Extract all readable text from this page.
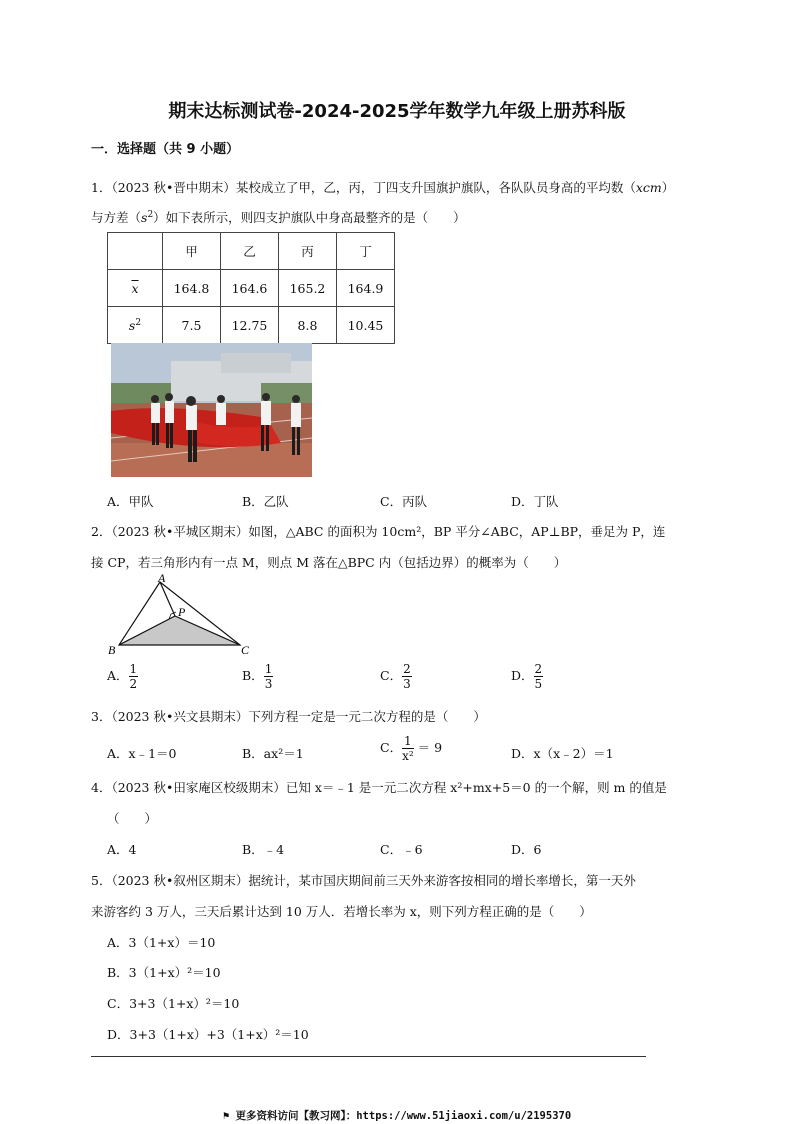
期末达标测试卷-2024-2025学年数学九年级上册苏科版
一．选择题（共 9 小题）
1．（2023 秋•晋中期末）某校成立了甲，乙，丙，丁四支升国旗护旗队，各队队员身高的平均数（xcm）
与方差$(s^2)$如下表所示，则四支护旗队中身高最整齐的是（　　）
	甲	乙	丙	丁
$\overline{x}$	164.8	164.6	165.2	164.9
$s^2$	7.5	12.75	8.8	10.45
A．甲队	B．乙队	C．丙队	D．丁队
2．（2023 秋•平城区期末）如图，△ABC 的面积为 10cm²，BP 平分∠ABC，AP⊥BP，垂足为 P，连
接 CP，若三角形内有一点 M，则点 M 落在△BPC 内（包括边界）的概率为（　　）
A
B	C
P
A． $\frac{1}{2}$	B． $\frac{1}{3}$	C． $\frac{2}{3}$	D． $\frac{2}{5}$
3．（2023 秋•兴文县期末）下列方程一定是一元二次方程的是（　　）
A．x﹣1＝0	B．ax²＝1	C． $\frac{1}{\text{x²}} = 9$	D．x（x﹣2）＝1
4．（2023 秋•田家庵区校级期末）已知 x＝﹣1 是一元二次方程 x²+mx+5＝0 的一个解，则 m 的值是
（　　）
A．4	B．﹣4	C．﹣6	D．6
5．（2023 秋•叙州区期末）据统计，某市国庆期间前三天外来游客按相同的增长率增长，第一天外
来游客约 3 万人，三天后累计达到 10 万人．若增长率为 x，则下列方程正确的是（　　）
A．3（1+x）＝10
B．3（1+x）²＝10
C．3+3（1+x）²＝10
D．3+3（1+x）+3（1+x）²＝10
⚑ 更多资料访问【教习网】：https://www.51jiaoxi.com/u/2195370
